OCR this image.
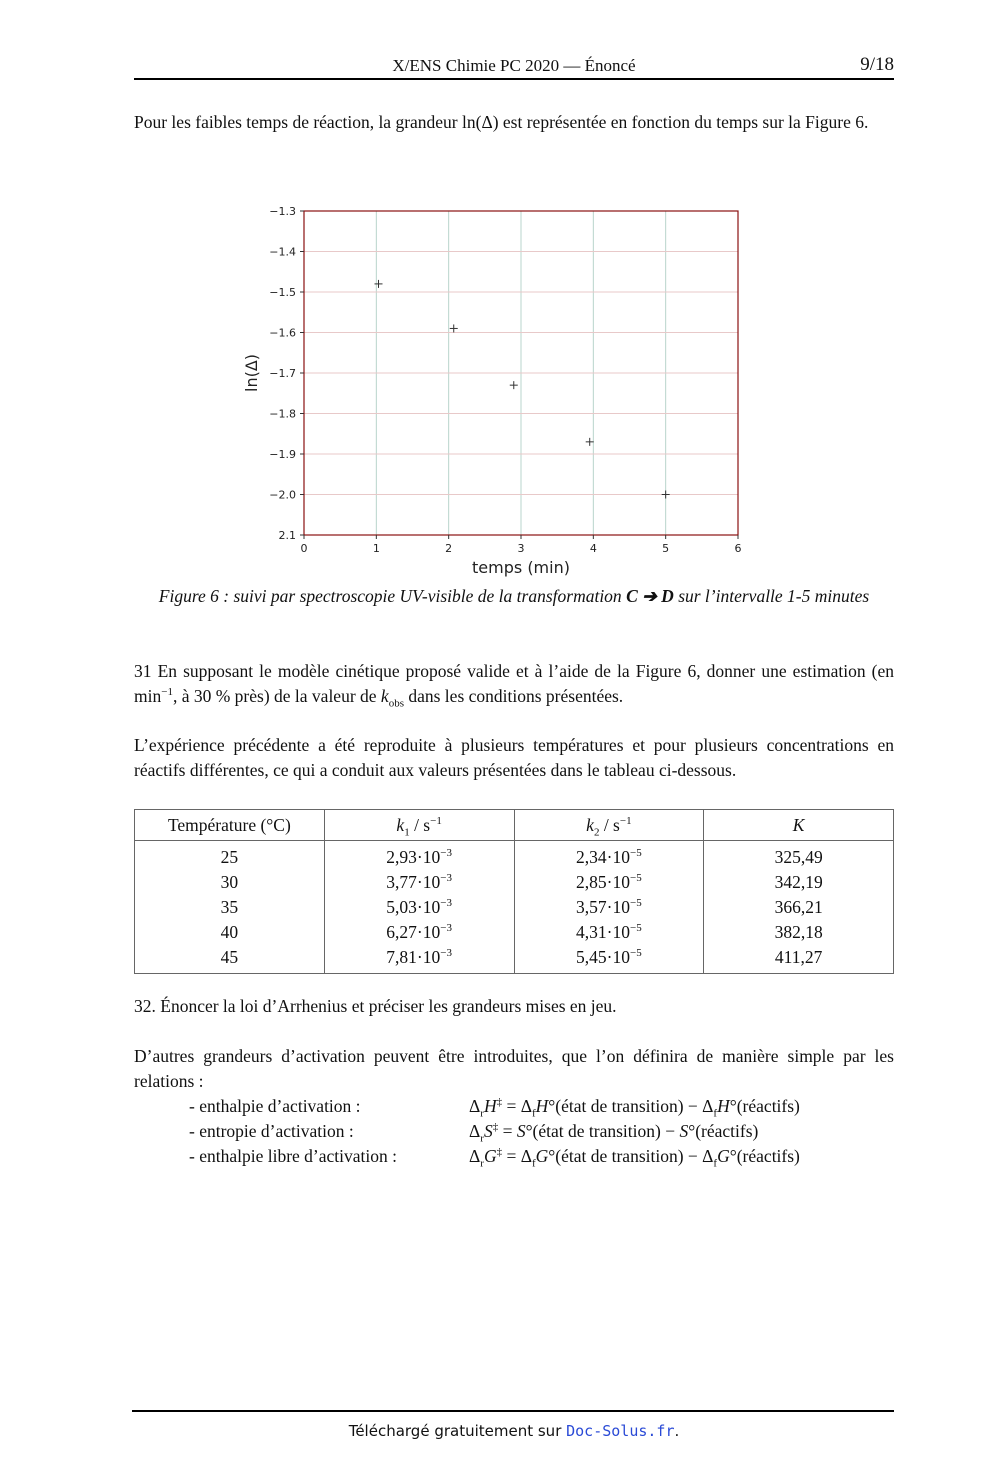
X/ENS Chimie PC 2020 — Énoncé	9/18
Pour les faibles temps de réaction, la grandeur ln(Δ) est représentée en fonction du temps sur la Figure 6.
0	1	2	3	4	5	6
−1.3
−1.4
−1.5
−1.6
−1.7
−1.8
−1.9
−2.0
2.1
temps (min)
ln(Δ)
Figure 6 : suivi par spectroscopie UV-visible de la transformation C ➔ D sur l’intervalle 1-5 minutes
31 En supposant le modèle cinétique proposé valide et à l’aide de la Figure 6, donner une estimation (en $\min^{-1}$, à 30 % près) de la valeur de $k_{obs}$ dans les conditions présentées.
L’expérience précédente a été reproduite à plusieurs températures et pour plusieurs concentrations en réactifs différentes, ce qui a conduit aux valeurs présentées dans le tableau ci-dessous.
Température (°C)	$k_1 / s^{-1}$	$k_2 / s^{-1}$	K
25	$2,93\cdot 10^{-3}$	$2,34\cdot 10^{-5}$	325,49
30	$3,77\cdot 10^{-3}$	$2,85\cdot 10^{-5}$	342,19
35	$5,03\cdot 10^{-3}$	$3,57\cdot 10^{-5}$	366,21
40	$6,27\cdot 10^{-3}$	$4,31\cdot 10^{-5}$	382,18
45	$7,81\cdot 10^{-3}$	$5,45\cdot 10^{-5}$	411,27
32. Énoncer la loi d’Arrhenius et préciser les grandeurs mises en jeu.
D’autres grandeurs d’activation peuvent être introduites, que l’on définira de manière simple par les relations :
- enthalpie d’activation :	$\Delta_rH^\ddagger$ = $\Delta_fH^\circ(état$ de transition) − $\Delta_fH^\circ(réactifs)$
- entropie d’activation :	$\Delta_rS^\ddagger$ = S°(état de transition) − S°(réactifs)
- enthalpie libre d’activation :	$\Delta_rG^\ddagger$ = $\Delta_fG^\circ(état$ de transition) − $\Delta_fG^\circ(réactifs)$
Téléchargé gratuitement sur Doc-Solus.fr.
